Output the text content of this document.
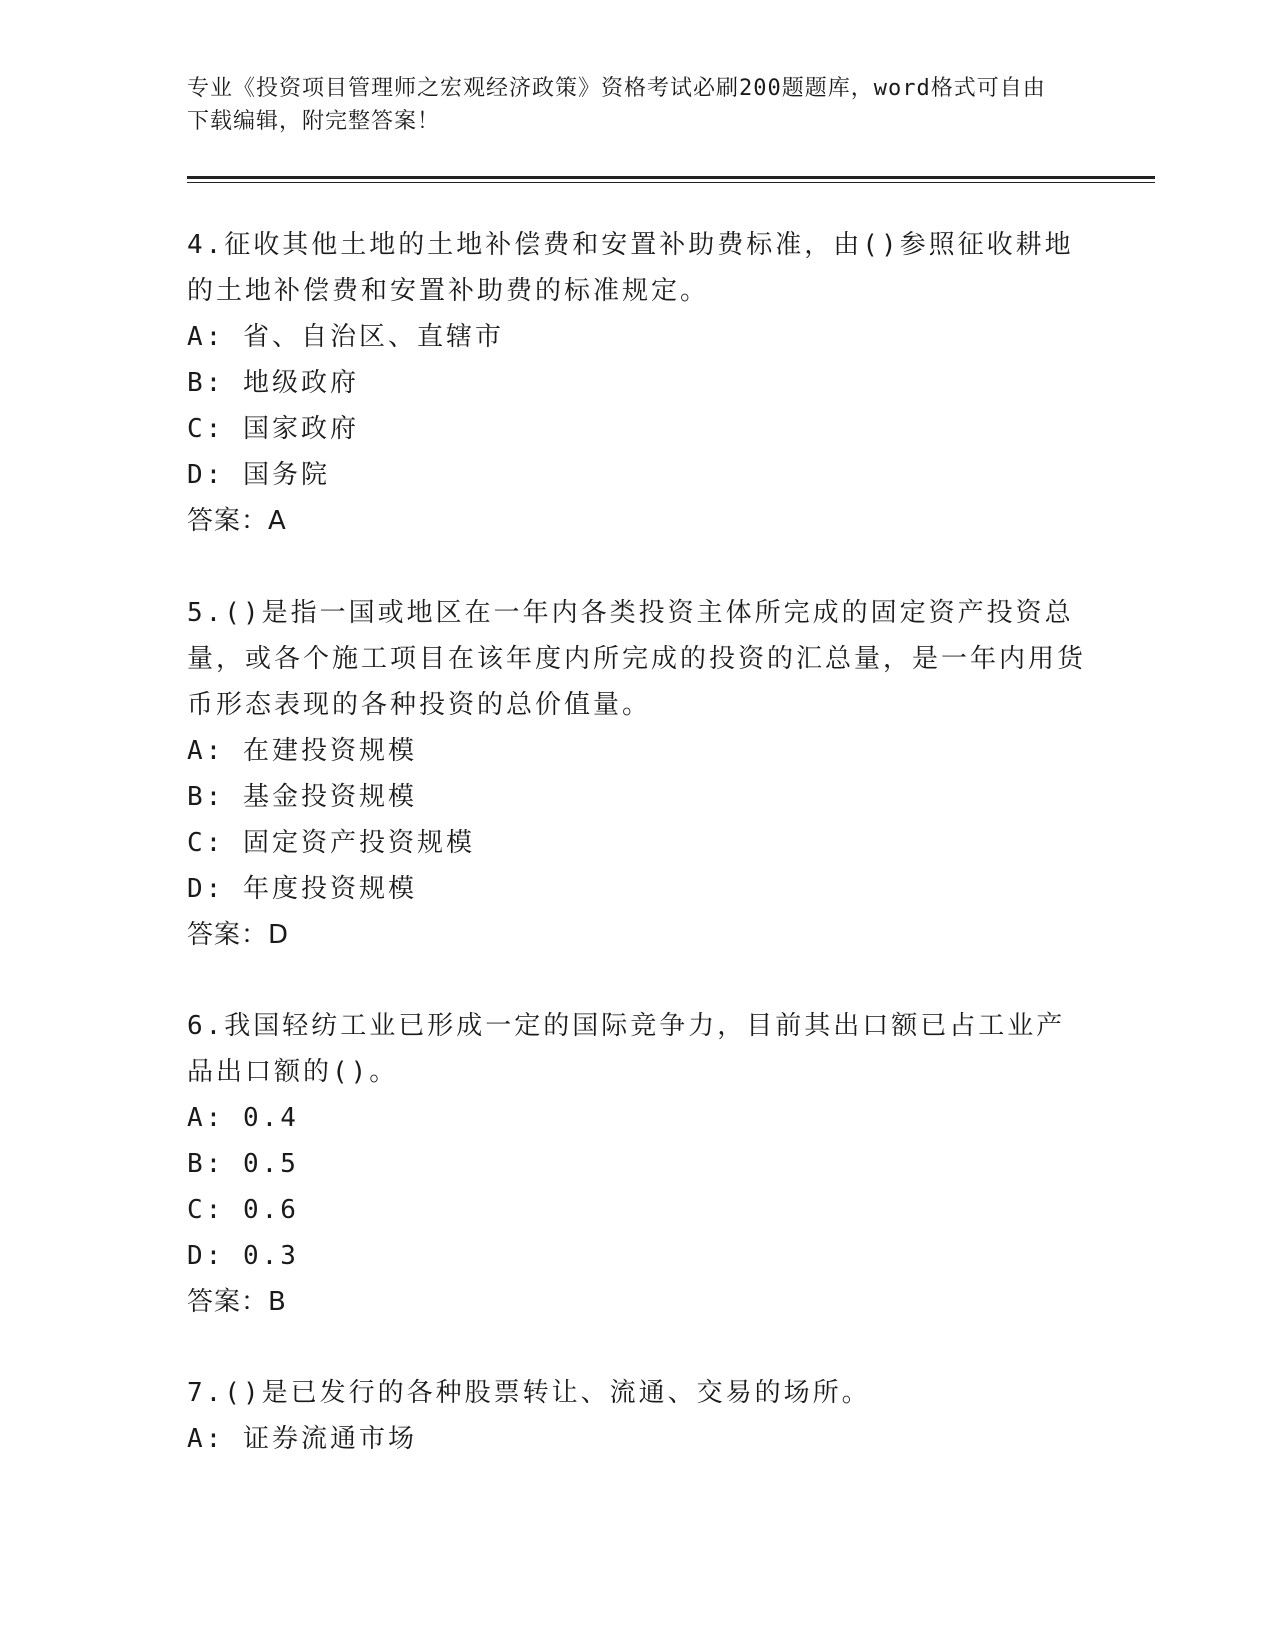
专业《投资项目管理师之宏观经济政策》资格考试必刷200题题库，word格式可自由下载编辑，附完整答案！

4.征收其他土地的土地补偿费和安置补助费标准，由()参照征收耕地的土地补偿费和安置补助费的标准规定。

A: 省、自治区、直辖市

B: 地级政府

C: 国家政府

D: 国务院

答案：A

5.()是指一国或地区在一年内各类投资主体所完成的固定资产投资总量，或各个施工项目在该年度内所完成的投资的汇总量，是一年内用货币形态表现的各种投资的总价值量。

A: 在建投资规模

B: 基金投资规模

C: 固定资产投资规模

D: 年度投资规模

答案：D

6.我国轻纺工业已形成一定的国际竞争力，目前其出口额已占工业产品出口额的()。

A: 0.4

B: 0.5

C: 0.6

D: 0.3

答案：B

7.()是已发行的各种股票转让、流通、交易的场所。

A: 证券流通市场
